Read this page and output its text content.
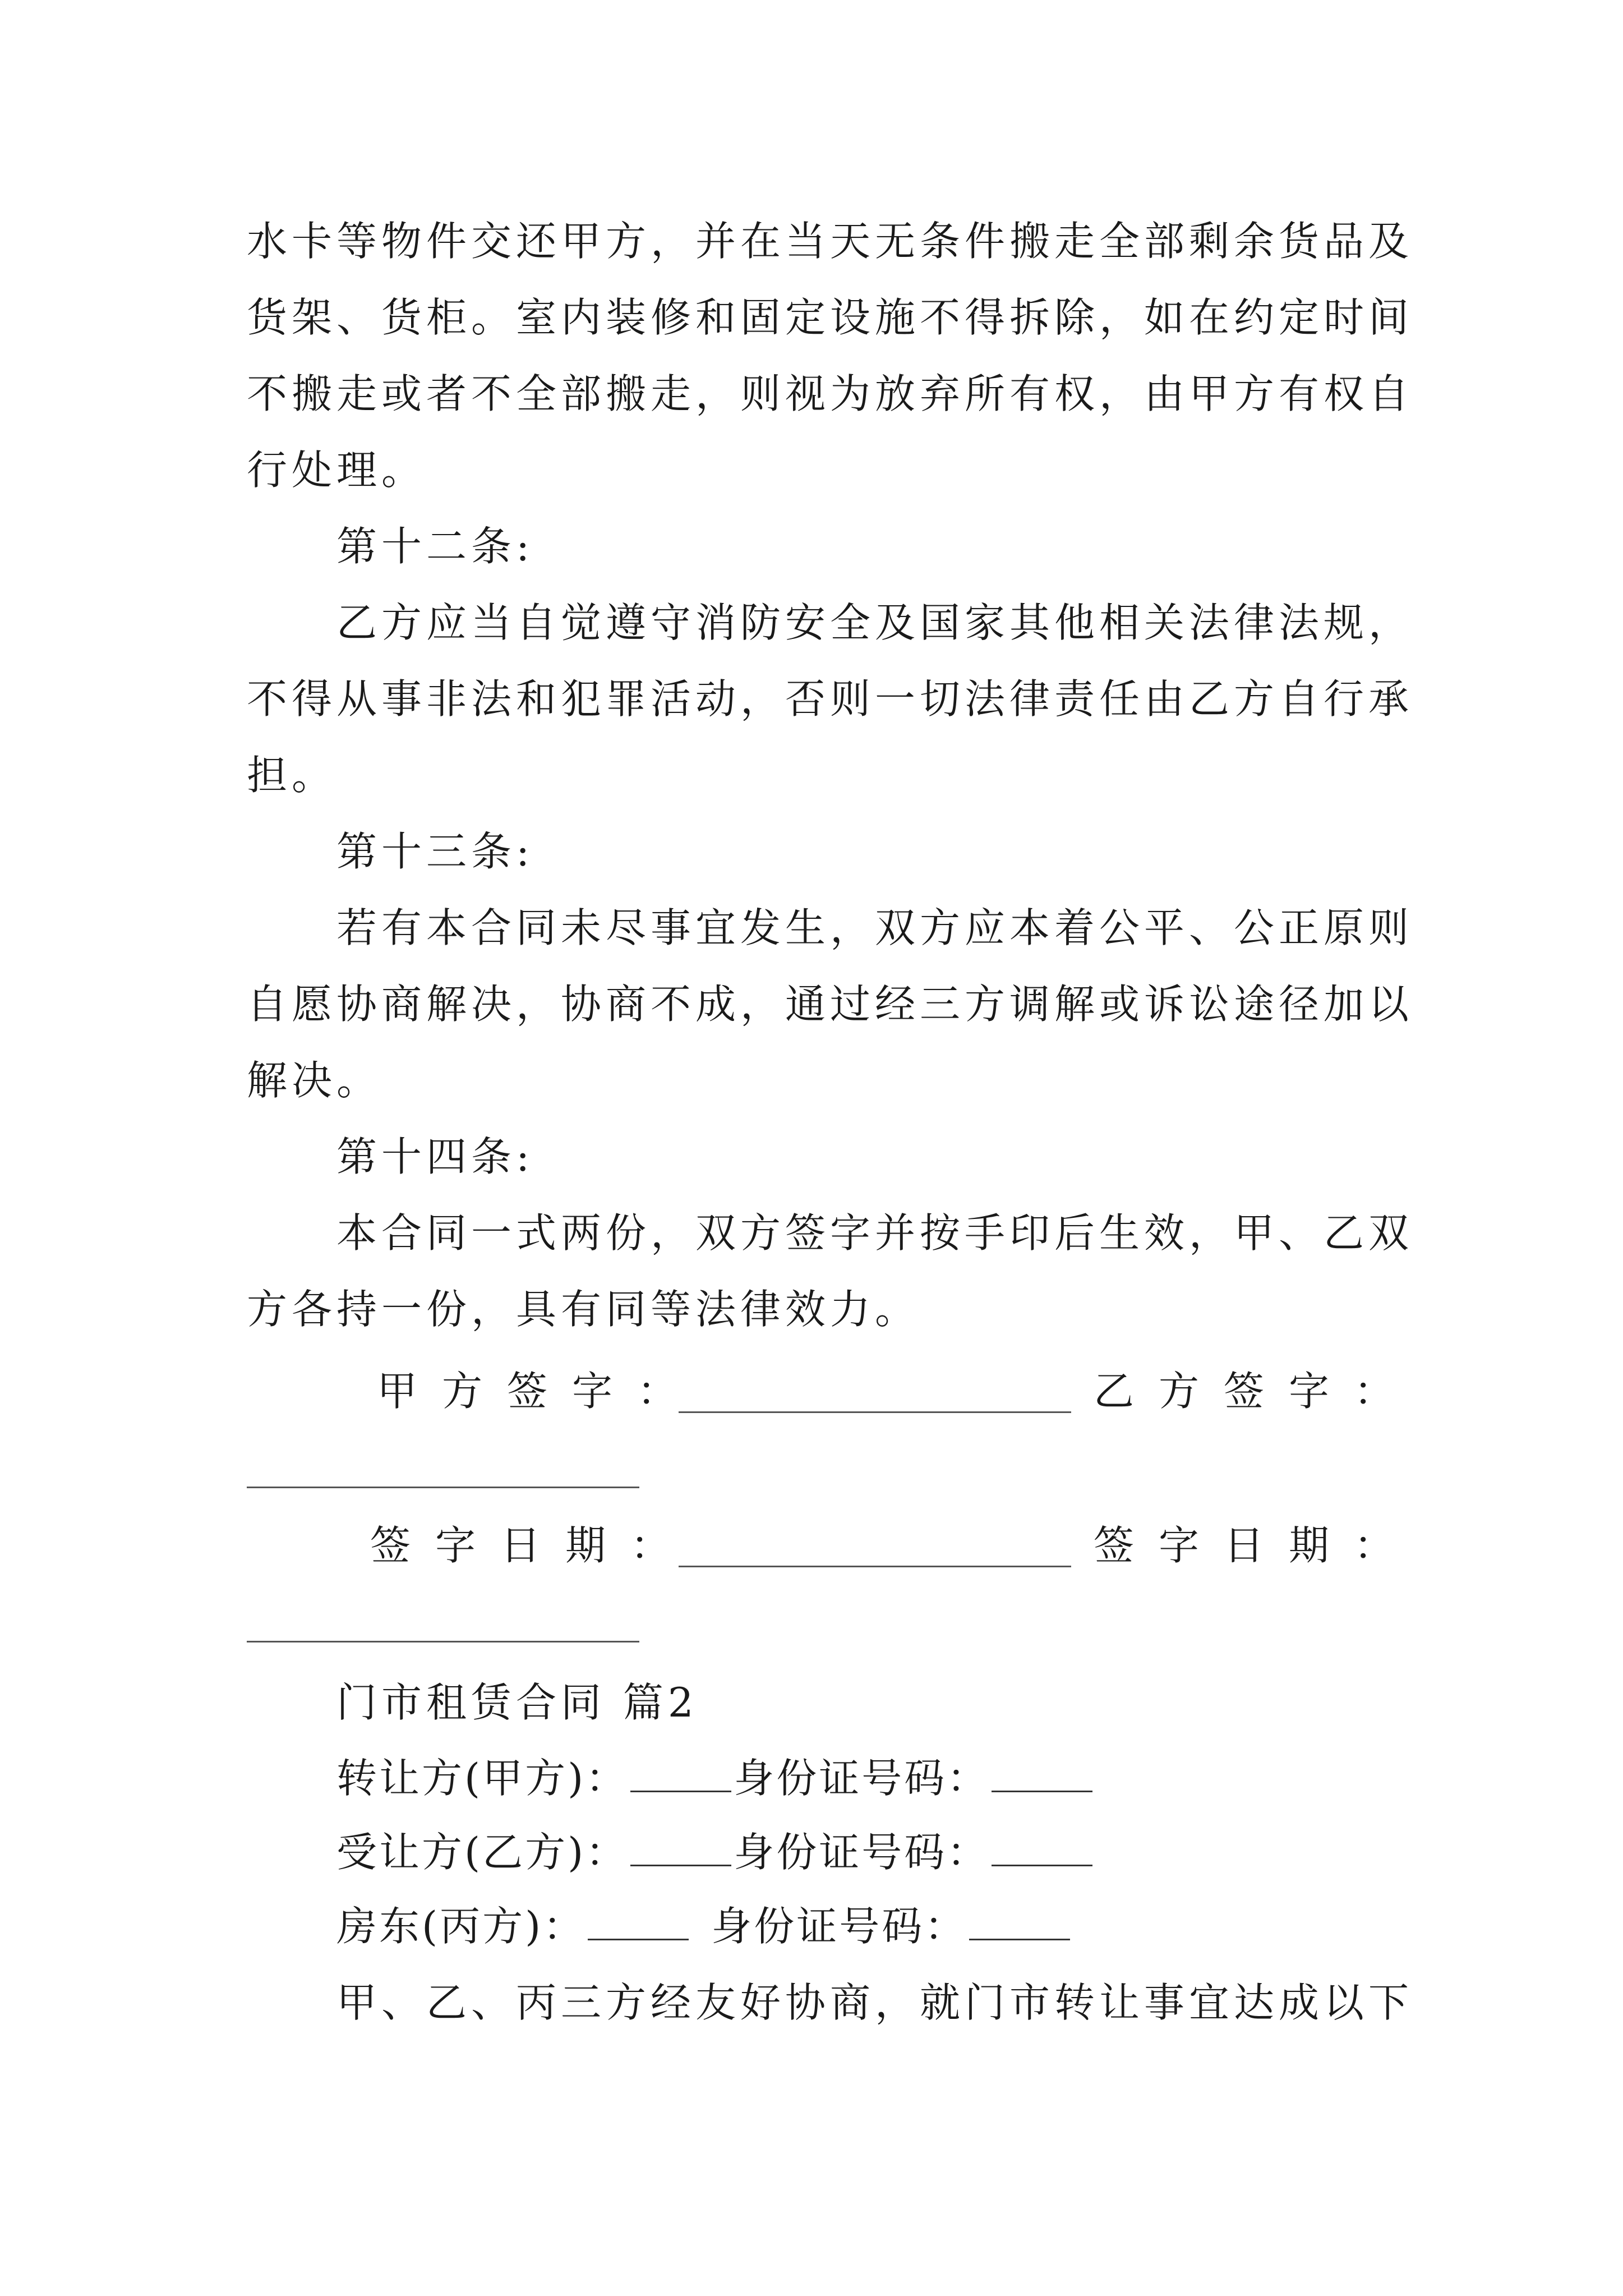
水卡等物件交还甲方，并在当天无条件搬走全部剩余货品及
货架、货柜。室内装修和固定设施不得拆除，如在约定时间
不搬走或者不全部搬走，则视为放弃所有权，由甲方有权自
行处理。
第十二条:
乙方应当自觉遵守消防安全及国家其他相关法律法规，
不得从事非法和犯罪活动，否则一切法律责任由乙方自行承
担。
第十三条:
若有本合同未尽事宜发生，双方应本着公平、公正原则
自愿协商解决，协商不成，通过经三方调解或诉讼途径加以
解决。
第十四条:
本合同一式两份，双方签字并按手印后生效，甲、乙双
方各持一份，具有同等法律效力。
甲方签字：	乙方签字：
签字日期：	签字日期：
门市租赁合同 篇2
转让方(甲方)：	身份证号码：
受让方(乙方)：	身份证号码：
房东(丙方)：	身份证号码：
甲、乙、丙三方经友好协商，就门市转让事宜达成以下
